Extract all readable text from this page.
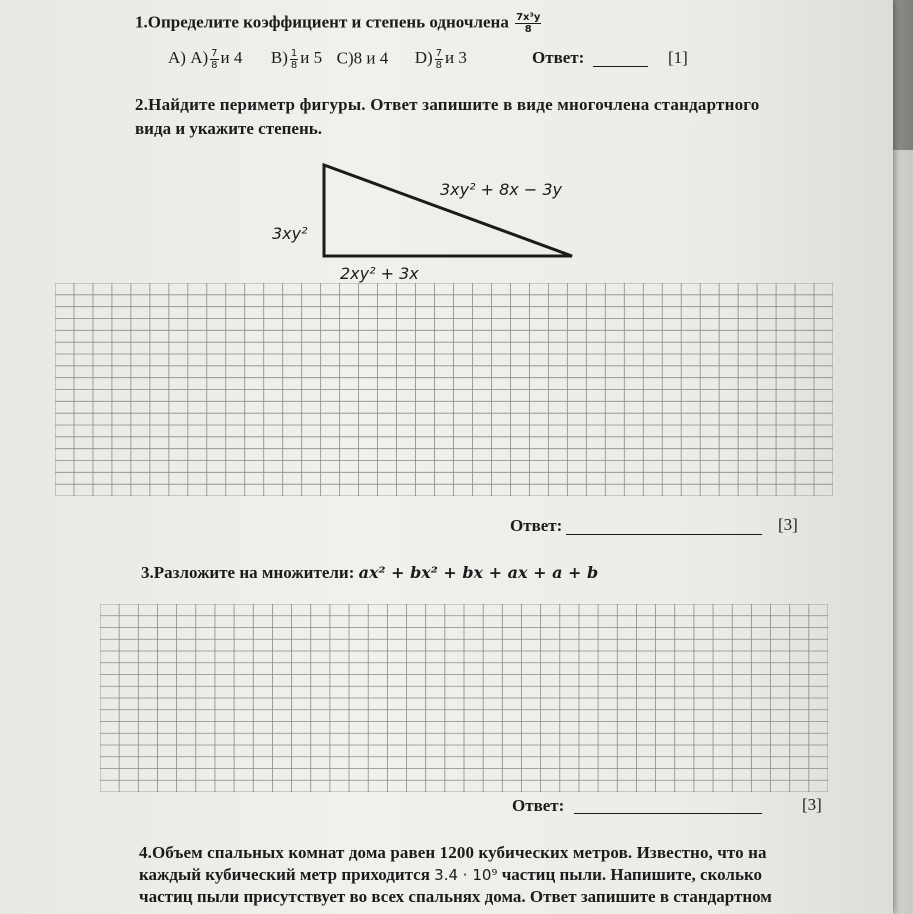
1.Определите коэффициент и степень одночлена $\frac{\text{7x³y}}{8}$
А) $A) \frac{7}{8}$ и 4 $B) \frac{1}{8}$ и 5 C)8 и 4 $D) \frac{7}{8}$ и 3	Ответ:	[1]
2.Найдите периметр фигуры. Ответ запишите в виде многочлена стандартного
вида и укажите степень.
3xy² + 8x − 3y
3xy²
2xy² + 3x
Ответ:	[3]
3.Разложите на множители: ax² + bx² + bx + ax + a + b
Ответ:	[3]
4.Объем спальных комнат дома равен 1200 кубических метров. Известно, что на
каждый кубический метр приходится 3.4 · 10⁹ частиц пыли. Напишите, сколько
частиц пыли присутствует во всех спальнях дома. Ответ запишите в стандартном
